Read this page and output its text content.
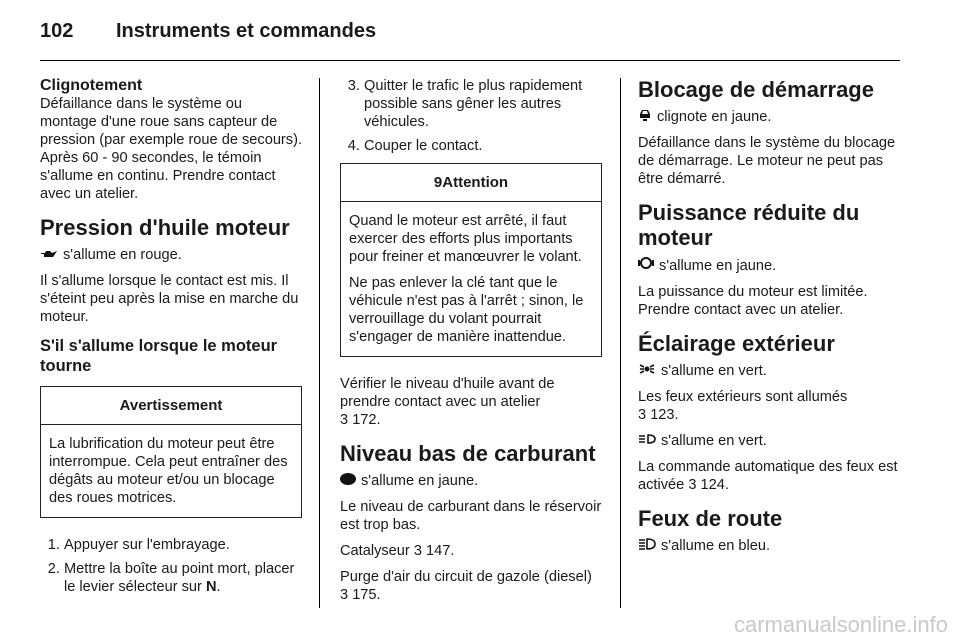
102	Instruments et commandes
Clignotement
Défaillance dans le système ou montage d'une roue sans capteur de pression (par exemple roue de secours).

Après 60 - 90 secondes, le témoin s'allume en continu. Prendre contact avec un atelier.

Pression d'huile moteur

s'allume en rouge.

Il s'allume lorsque le contact est mis. Il s'éteint peu après la mise en marche du moteur.

S'il s'allume lorsque le moteur tourne
Avertissement

La lubrification du moteur peut être interrompue. Cela peut entraîner des dégâts au moteur et/ou un blocage des roues motrices.

1. Appuyer sur l'embrayage.
2. Mettre la boîte au point mort, placer le levier sélecteur sur N.
3. Quitter le trafic le plus rapidement possible sans gêner les autres véhicules.
4. Couper le contact.
9Attention

Quand le moteur est arrêté, il faut exercer des efforts plus importants pour freiner et manœuvrer le volant.

Ne pas enlever la clé tant que le véhicule n'est pas à l'arrêt ; sinon, le verrouillage du volant pourrait s'engager de manière inattendue.

Vérifier le niveau d'huile avant de prendre contact avec un atelier
3 172.

Niveau bas de carburant

s'allume en jaune.

Le niveau de carburant dans le réservoir est trop bas.

Catalyseur 3 147.

Purge d'air du circuit de gazole (diesel) 3 175.

Blocage de démarrage

clignote en jaune.

Défaillance dans le système du blocage de démarrage. Le moteur ne peut pas être démarré.

Puissance réduite du moteur

s'allume en jaune.

La puissance du moteur est limitée. Prendre contact avec un atelier.

Éclairage extérieur

s'allume en vert.

Les feux extérieurs sont allumés
3 123.

s'allume en vert.

La commande automatique des feux est activée 3 124.

Feux de route

s'allume en bleu.

carmanualsonline.info
